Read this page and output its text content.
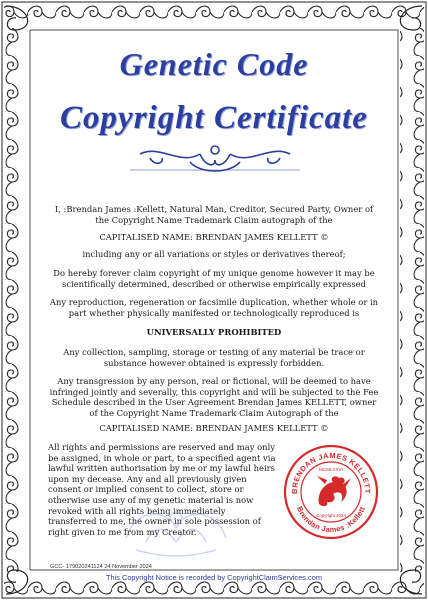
Genetic Code
Copyright Certificate
I, :Brendan James :Kellett, Natural Man, Creditor, Secured Party, Owner of the Copyright Name Trademark Claim autograph of the
CAPITALISED NAME: BRENDAN JAMES KELLETT ©
including any or all variations or styles or derivatives thereof;
Do hereby forever claim copyright of my unique genome however it may be scientifically determined, described or otherwise empirically expressed
Any reproduction, regeneration or facsimile duplication, whether whole or in part whether physically manifested or technologically reproduced is
UNIVERSALLY PROHIBITED
Any collection, sampling, storage or testing of any material be trace or substance however obtained is expressly forbidden.
Any transgression by any person, real or fictional, will be deemed to have infringed jointly and severally, this copyright and will be subjected to the Fee Schedule described in the User Agreement Brendan James KELLETT, owner of the Copyright Name Trademark Claim Autograph of the
CAPITALISED NAME: BRENDAN JAMES KELLETT ©
All rights and permissions are reserved and may only be assigned, in whole or part, to a specified agent via lawful written authorisation by me or my lawful heirs upon my decease. Any and all previously given consent or implied consent to collect, store or otherwise use any of my genetic material is now revoked with all rights being immediately transferred to me, the owner in sole possession of right given to me from my Creator.
BRENDAN JAMES KELLETT
Brendan James :Kellett
MCMLXXVI
Copyright 2024
GCC- 179020241124 24 November 2024
This Copyright Notice is recorded by CopyrightClaimServices.com
